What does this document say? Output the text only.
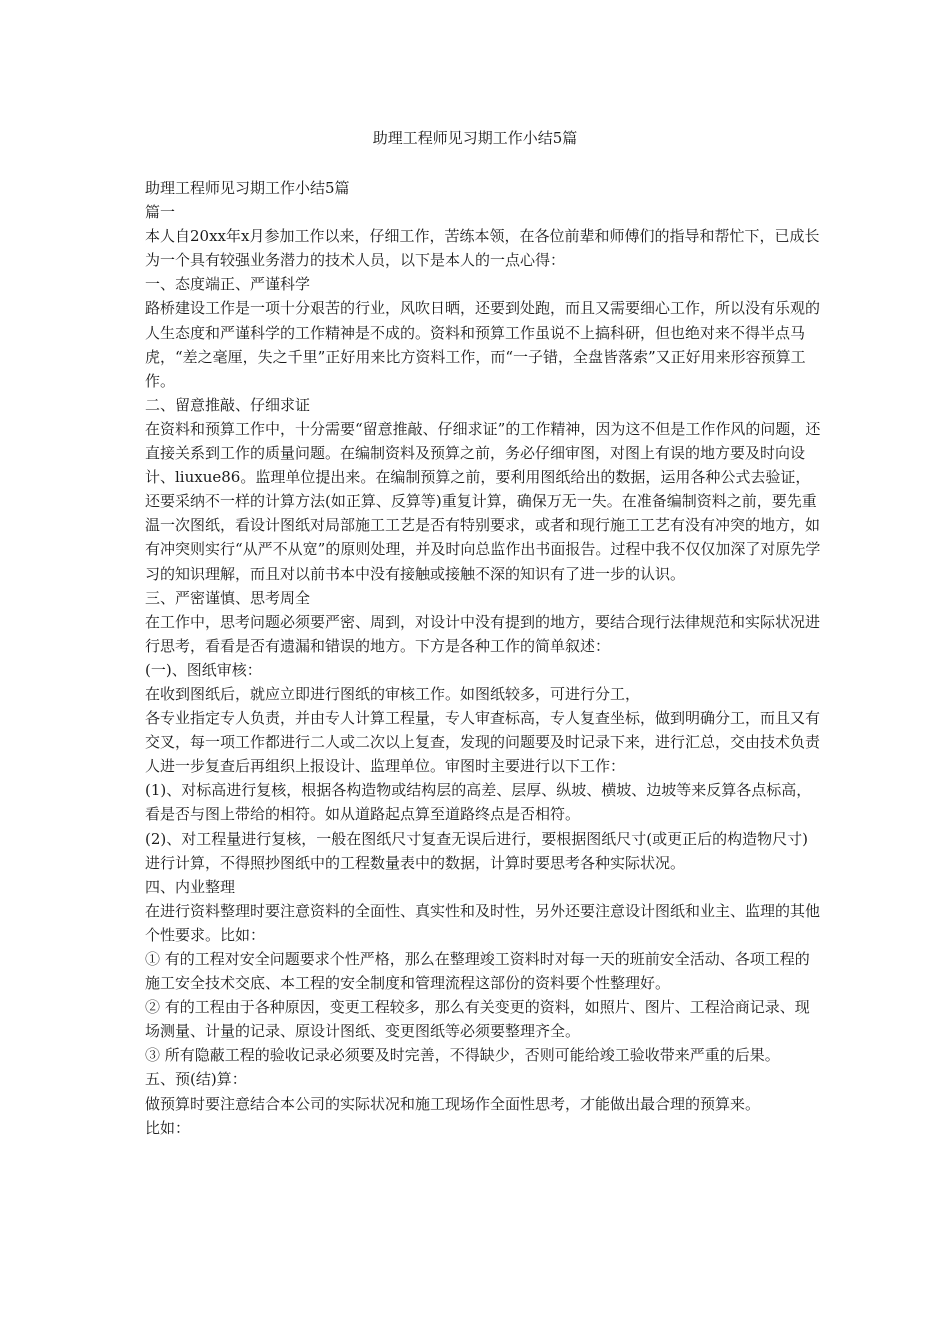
助理工程师见习期工作小结5篇

助理工程师见习期工作小结5篇

篇一

本人自20xx年x月参加工作以来，仔细工作，苦练本领，在各位前辈和师傅们的指导和帮忙下，已成长为一个具有较强业务潜力的技术人员，以下是本人的一点心得：

一、态度端正、严谨科学

路桥建设工作是一项十分艰苦的行业，风吹日晒，还要到处跑，而且又需要细心工作，所以没有乐观的人生态度和严谨科学的工作精神是不成的。资料和预算工作虽说不上搞科研，但也绝对来不得半点马虎，“差之毫厘，失之千里”正好用来比方资料工作，而“一子错，全盘皆落索”又正好用来形容预算工作。

二、留意推敲、仔细求证

在资料和预算工作中，十分需要“留意推敲、仔细求证”的工作精神，因为这不但是工作作风的问题，还直接关系到工作的质量问题。在编制资料及预算之前，务必仔细审图，对图上有误的地方要及时向设计、liuxue86。监理单位提出来。在编制预算之前，要利用图纸给出的数据，运用各种公式去验证，还要采纳不一样的计算方法(如正算、反算等)重复计算，确保万无一失。在准备编制资料之前，要先重温一次图纸，看设计图纸对局部施工工艺是否有特别要求，或者和现行施工工艺有没有冲突的地方，如有冲突则实行“从严不从宽”的原则处理，并及时向总监作出书面报告。过程中我不仅仅加深了对原先学习的知识理解，而且对以前书本中没有接触或接触不深的知识有了进一步的认识。

三、严密谨慎、思考周全

在工作中，思考问题必须要严密、周到，对设计中没有提到的地方，要结合现行法律规范和实际状况进行思考，看看是否有遗漏和错误的地方。下方是各种工作的简单叙述：

(一)、图纸审核：

在收到图纸后，就应立即进行图纸的审核工作。如图纸较多，可进行分工，

各专业指定专人负责，并由专人计算工程量，专人审查标高，专人复查坐标，做到明确分工，而且又有交叉，每一项工作都进行二人或二次以上复查，发现的问题要及时记录下来，进行汇总，交由技术负责人进一步复查后再组织上报设计、监理单位。审图时主要进行以下工作：

(1)、对标高进行复核，根据各构造物或结构层的高差、层厚、纵坡、横坡、边坡等来反算各点标高，看是否与图上带给的相符。如从道路起点算至道路终点是否相符。

(2)、对工程量进行复核，一般在图纸尺寸复查无误后进行，要根据图纸尺寸(或更正后的构造物尺寸)进行计算，不得照抄图纸中的工程数量表中的数据，计算时要思考各种实际状况。

四、内业整理

在进行资料整理时要注意资料的全面性、真实性和及时性，另外还要注意设计图纸和业主、监理的其他个性要求。比如：

① 有的工程对安全问题要求个性严格，那么在整理竣工资料时对每一天的班前安全活动、各项工程的施工安全技术交底、本工程的安全制度和管理流程这部份的资料要个性整理好。

② 有的工程由于各种原因，变更工程较多，那么有关变更的资料，如照片、图片、工程洽商记录、现场测量、计量的记录、原设计图纸、变更图纸等必须要整理齐全。

③ 所有隐蔽工程的验收记录必须要及时完善，不得缺少，否则可能给竣工验收带来严重的后果。

五、预(结)算：

做预算时要注意结合本公司的实际状况和施工现场作全面性思考，才能做出最合理的预算来。

比如：
